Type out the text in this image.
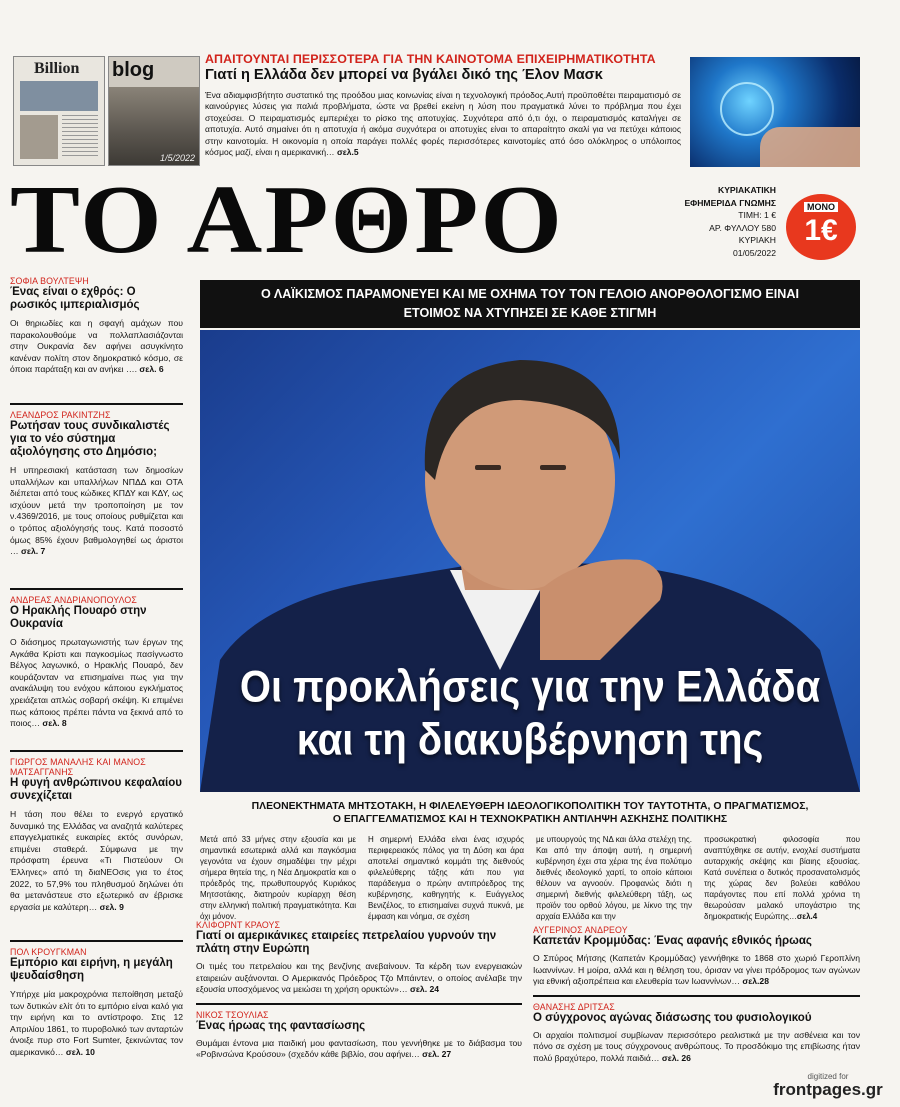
Billion	blog
1/5/2022
ΑΠΑΙΤΟΥΝΤΑΙ ΠΕΡΙΣΣΟΤΕΡΑ ΓΙΑ ΤΗΝ ΚΑΙΝΟΤΟΜΑ ΕΠΙΧΕΙΡΗΜΑΤΙΚΟΤΗΤΑ
Γιατί η Ελλάδα δεν μπορεί να βγάλει δικό της Έλον Μασκ

Ένα αδιαμφισβήτητο συστατικό της προόδου μιας κοινωνίας είναι η τεχνολογική πρόοδος.Αυτή προϋποθέτει πειραματισμό σε καινούργιες λύσεις για παλιά προβλήματα, ώστε να βρεθεί εκείνη η λύση που πραγματικά λύνει το πρόβλημα που έχει στοχεύσει. Ο πειραματισμός εμπεριέχει το ρίσκο της αποτυχίας. Συχνότερα από ό,τι όχι, ο πειραματισμός καταλήγει σε αποτυχία. Αυτό σημαίνει ότι η αποτυχία ή ακόμα συχνότερα οι αποτυχίες είναι το απαραίτητο σκαλί για να πετύχει κάποιος στην καινοτομία. Η οικονομία η οποία παράγει πολλές φορές περισσότερες καινοτομίες από όσο ολόκληρος ο υπόλοιπος κόσμος μαζί, είναι η αμερικανική… σελ.5

ΤΟ ΑΡΘΡΟ	ΚΥΡΙΑΚΑΤΙΚΗ
ΕΦΗΜΕΡΙΔΑ ΓΝΩΜΗΣ
ΤΙΜΗ: 1 €
ΑΡ. ΦΥΛΛΟΥ 580
ΚΥΡΙΑΚΗ
01/05/2022
ΜΟΝΟ
1€
ΣΟΦΙΑ ΒΟΥΛΤΕΨΗ
Ένας είναι ο εχθρός: Ο ρωσικός ιμπεριαλισμός

Οι θηριωδίες και η σφαγή αμάχων που παρακολουθούμε να πολλαπλασιάζονται στην Ουκρανία δεν αφήνει ασυγκίνητο κανέναν πολίτη στον δημοκρατικό κόσμο, σε όποια παράταξη και αν ανήκει …. σελ. 6

ΛΕΑΝΔΡΟΣ ΡΑΚΙΝΤΖΗΣ
Ρωτήσαν τους συνδικαλιστές για το νέο σύστημα αξιολόγησης στο Δημόσιο;

Η υπηρεσιακή κατάσταση των δημοσίων υπαλλήλων και υπαλλήλων ΝΠΔΔ και ΟΤΑ διέπεται από τους κώδικες ΚΠΔΥ και ΚΔΥ, ως ισχύουν μετά την τροποποίηση με τον ν.4369/2016, με τους οποίους ρυθμίζεται και ο τρόπος αξιολόγησής τους. Κατά ποσοστό όμως 85% έχουν βαθμολογηθεί ως άριστοι … σελ. 7

ΑΝΔΡΕΑΣ ΑΝΔΡΙΑΝΟΠΟΥΛΟΣ
Ο Ηρακλής Πουαρό στην Ουκρανία

Ο διάσημος πρωταγωνιστής των έργων της Αγκάθα Κρίστι και παγκοσμίως πασίγνωστο Βέλγος λαγωνικό, ο Ηρακλής Πουαρό, δεν κουράζονταν να επισημαίνει πως για την ανακάλυψη του ενόχου κάποιου εγκλήματος χρειάζεται απλώς σοβαρή σκέψη. Κι επιμένει πως κάποιος πρέπει πάντα να ξεκινά από το ποιος… σελ. 8

ΓΙΩΡΓΟΣ ΜΑΝΑΛΗΣ ΚΑΙ ΜΑΝΟΣ ΜΑΤΣΑΓΓΑΝΗΣ
Η φυγή ανθρώπινου κεφαλαίου συνεχίζεται

Η τάση που θέλει το ενεργό εργατικό δυναμικό της Ελλάδας να αναζητά καλύτερες επαγγελματικές ευκαιρίες εκτός συνόρων, επιμένει σταθερά. Σύμφωνα με την πρόσφατη έρευνα «Τι Πιστεύουν Οι Έλληνες» από τη διαΝΕΟσις για το έτος 2022, το 57,9% του πληθυσμού δηλώνει ότι θα μετανάστευε στο εξωτερικό αν έβρισκε εργασία με καλύτερη… σελ. 9

ΠΟΛ ΚΡΟΥΓΚΜΑΝ
Εμπόριο και ειρήνη, η μεγάλη ψευδαίσθηση

Υπήρχε μία μακροχρόνια πεποίθηση μεταξύ των δυτικών ελίτ ότι το εμπόριο είναι καλό για την ειρήνη και το αντίστροφο. Στις 12 Απριλίου 1861, το πυροβολικό των ανταρτών άνοιξε πυρ στο Fort Sumter, ξεκινώντας τον αμερικανικό… σελ. 10

Ο ΛΑΪΚΙΣΜΟΣ ΠΑΡΑΜΟΝΕΥΕΙ ΚΑΙ ΜΕ ΟΧΗΜΑ ΤΟΥ ΤΟΝ ΓΕΛΟΙΟ ΑΝΟΡΘΟΛΟΓΙΣΜΟ ΕΙΝΑΙ
ΕΤΟΙΜΟΣ ΝΑ ΧΤΥΠΗΣΕΙ ΣΕ ΚΑΘΕ ΣΤΙΓΜΗ
Οι προκλήσεις για την Ελλάδα
και τη διακυβέρνηση της
ΠΛΕΟΝΕΚΤΗΜΑΤΑ ΜΗΤΣΟΤΑΚΗ, Η ΦΙΛΕΛΕΥΘΕΡΗ ΙΔΕΟΛΟΓΙΚΟΠΟΛΙΤΙΚΗ ΤΟΥ ΤΑΥΤΟΤΗΤΑ, Ο ΠΡΑΓΜΑΤΙΣΜΟΣ,
Ο ΕΠΑΓΓΕΛΜΑΤΙΣΜΟΣ ΚΑΙ Η ΤΕΧΝΟΚΡΑΤΙΚΗ ΑΝΤΙΛΗΨΗ ΑΣΚΗΣΗΣ ΠΟΛΙΤΙΚΗΣ

Μετά από 33 μήνες στην εξουσία και με σημαντικά εσωτερικά αλλά και παγκόσμια γεγονότα να έχουν σημαδέψει την μέχρι σήμερα θητεία της, η Νέα Δημοκρατία και ο πρόεδρός της, πρωθυπουργός Κυριάκος Μητσοτάκης, διατηρούν κυρίαρχη θέση στην ελληνική πολιτική πραγματικότητα. Και όχι μόνον.

Η σημερινή Ελλάδα είναι ένας ισχυρός περιφερειακός πόλος για τη Δύση και άρα αποτελεί σημαντικό κομμάτι της διεθνούς φιλελεύθερης τάξης κάτι που για παράδειγμα ο πρώην αντιπρόεδρος της κυβέρνησης, καθηγητής κ. Ευάγγελος Βενιζέλος, το επισημαίνει συχνά πυκνά, με έμφαση και νόημα, σε σχέση

με υπουργούς της ΝΔ και άλλα στελέχη της. Και από την άποψη αυτή, η σημερινή κυβέρνηση έχει στα χέρια της ένα πολύτιμο διεθνές ιδεολογικό χαρτί, το οποίο κάποιοι θέλουν να αγνοούν. Προφανώς διότι η σημερινή διεθνής φιλελεύθερη τάξη, ως προϊόν του ορθού λόγου, με λίκνο της την αρχαία Ελλάδα και την

προσωκρατική φιλοσοφία που αναπτύχθηκε σε αυτήν, ενοχλεί συστήματα αυταρχικής σκέψης και βίαιης εξουσίας. Κατά συνέπεια ο δυτικός προσανατολισμός της χώρας δεν βολεύει καθόλου παράγοντες που επί πολλά χρόνια τη θεωρούσαν μαλακό υπογάστριο της δημοκρατικής Ευρώπης…σελ.4

ΚΛΙΦΟΡΝΤ ΚΡΑΟΥΣ
Γιατί οι αμερικάνικες εταιρείες πετρελαίου γυρνούν την πλάτη στην Ευρώπη

Οι τιμές του πετρελαίου και της βενζίνης ανεβαίνουν. Τα κέρδη των ενεργειακών εταιρειών αυξάνονται. Ο Αμερικανός Πρόεδρος Τζο Μπάιντεν, ο οποίος ανέλαβε την εξουσία υποσχόμενος να μειώσει τη χρήση ορυκτών»… σελ. 24

ΝΙΚΟΣ ΤΣΟΥΛΙΑΣ
Ένας ήρωας της φαντασίωσης

Θυμάμαι έντονα μια παιδική μου φαντασίωση, που γεννήθηκε με το διάβασμα του «Ροβινσώνα Κρούσου» (σχεδόν κάθε βιβλίο, σου αφήνει… σελ. 27

ΑΥΓΕΡΙΝΟΣ ΑΝΔΡΕΟΥ
Καπετάν Κρομμύδας: Ένας αφανής εθνικός ήρωας

Ο Σπύρος Μήτσης (Καπετάν Κρομμύδας) γεννήθηκε το 1868 στο χωριό Γεροπλίνη Ιωαννίνων. Η μοίρα, αλλά και η θέληση του, όρισαν να γίνει πρόδρομος των αγώνων για εθνική αξιοπρέπεια και ελευθερία των Ιωαννίνων… σελ.28

ΘΑΝΑΣΗΣ ΔΡΙΤΣΑΣ
Ο σύγχρονος αγώνας διάσωσης του φυσιολογικού

Οι αρχαίοι πολιτισμοί συμβίωναν περισσότερο ρεαλιστικά με την ασθένεια και τον πόνο σε σχέση με τους σύγχρονους ανθρώπους. Το προσδόκιμο της επιβίωσης ήταν πολύ βραχύτερο, πολλά παιδιά… σελ. 26

digitized for
frontpages.gr
